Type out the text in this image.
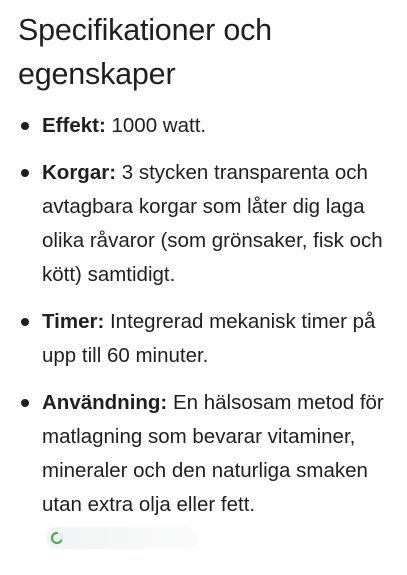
Specifikationer och egenskaper
Effekt: 1000 watt.
Korgar: 3 stycken transparenta och avtagbara korgar som låter dig laga olika råvaror (som grönsaker, fisk och kött) samtidigt.
Timer: Integrerad mekanisk timer på upp till 60 minuter.
Användning: En hälsosam metod för matlagning som bevarar vitaminer, mineraler och den naturliga smaken utan extra olja eller fett.
